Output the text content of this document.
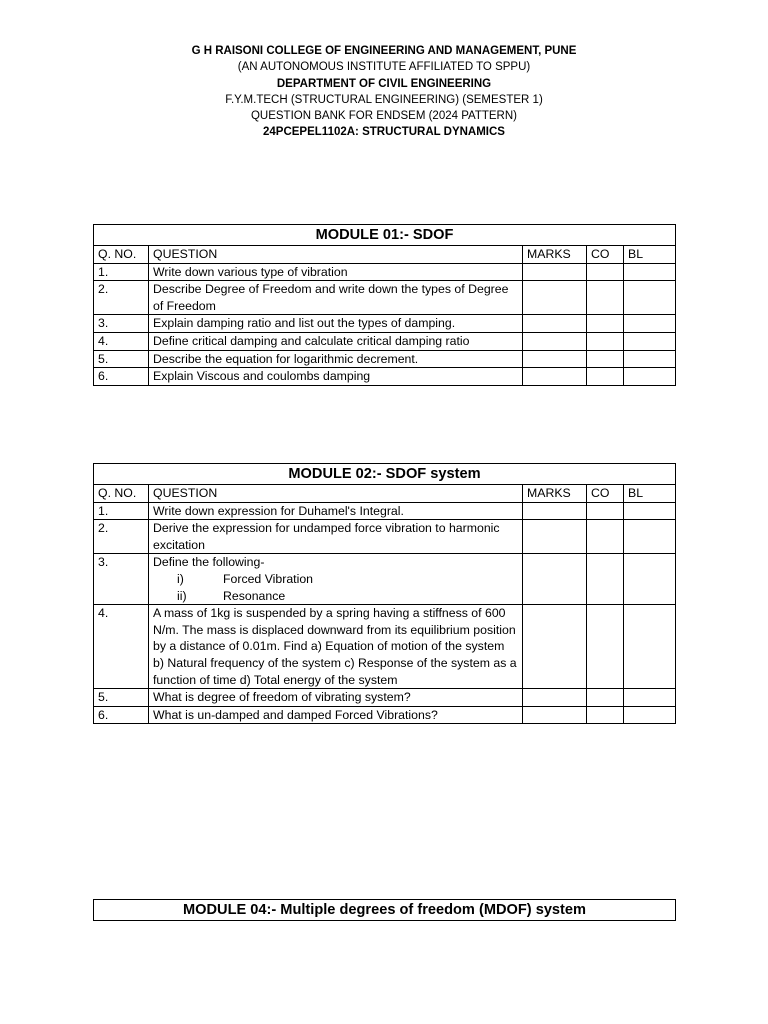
G H RAISONI COLLEGE OF ENGINEERING AND MANAGEMENT, PUNE
(AN AUTONOMOUS INSTITUTE AFFILIATED TO SPPU)
DEPARTMENT OF CIVIL ENGINEERING
F.Y.M.TECH (STRUCTURAL ENGINEERING) (SEMESTER 1)
QUESTION BANK FOR ENDSEM (2024 PATTERN)
24PCEPEL1102A: STRUCTURAL DYNAMICS
MODULE 01:- SDOF				
Q. NO.	QUESTION	MARKS	CO	BL
1.	Write down various type of vibration			
2.	Describe Degree of Freedom and write down the types of Degree of Freedom			
3.	Explain damping ratio and list out the types of damping.			
4.	Define critical damping and calculate critical damping ratio			
5.	Describe the equation for logarithmic decrement.			
6.	Explain Viscous and coulombs damping			
MODULE 02:- SDOF system				
Q. NO.	QUESTION	MARKS	CO	BL
1.	Write down expression for Duhamel's Integral.			
2.	Derive the expression for undamped force vibration to harmonic excitation			
3.	Define the following-
i) Forced Vibration
ii) Resonance			

4.	A mass of 1kg is suspended by a spring having a stiffness of 600 N/m. The mass is displaced downward from its equilibrium position by a distance of 0.01m. Find a) Equation of motion of the system b) Natural frequency of the system c) Response of the system as a function of time d) Total energy of the system			
5.	What is degree of freedom of vibrating system?			
6.	What is un-damped and damped Forced Vibrations?			
MODULE 04:- Multiple degrees of freedom (MDOF) system
